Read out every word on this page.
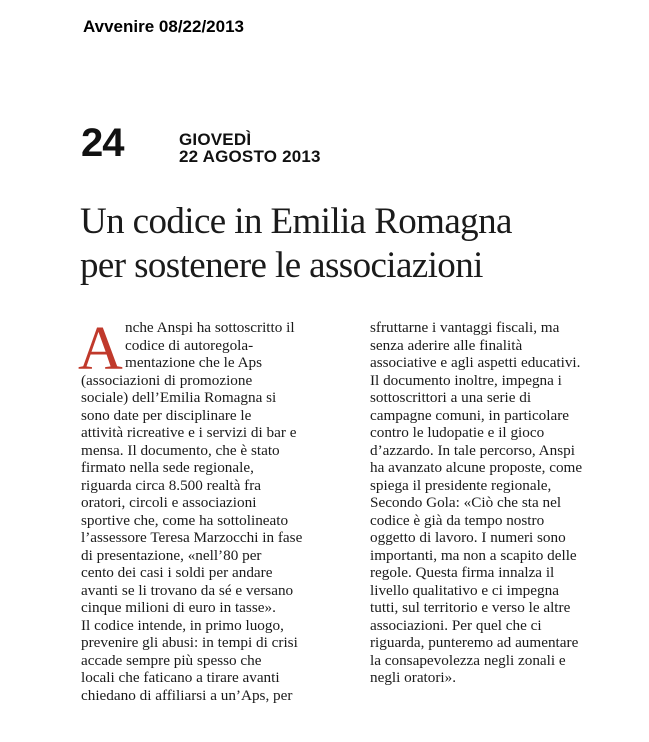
Avvenire 08/22/2013
24	GIOVEDÌ
22 AGOSTO 2013
Un codice in Emilia Romagna
per sostenere le associazioni
A nche Anspi ha sottoscritto il
codice di autoregola-
mentazione che le Aps
(associazioni di promozione
sociale) dell’Emilia Romagna si
sono date per disciplinare le
attività ricreative e i servizi di bar e
mensa. Il documento, che è stato
firmato nella sede regionale,
riguarda circa 8.500 realtà fra
oratori, circoli e associazioni
sportive che, come ha sottolineato
l’assessore Teresa Marzocchi in fase
di presentazione, «nell’80 per
cento dei casi i soldi per andare
avanti se li trovano da sé e versano
cinque milioni di euro in tasse».
Il codice intende, in primo luogo,
prevenire gli abusi: in tempi di crisi
accade sempre più spesso che
locali che faticano a tirare avanti
chiedano di affiliarsi a un’Aps, per
sfruttarne i vantaggi fiscali, ma
senza aderire alle finalità
associative e agli aspetti educativi.
Il documento inoltre, impegna i
sottoscrittori a una serie di
campagne comuni, in particolare
contro le ludopatie e il gioco
d’azzardo. In tale percorso, Anspi
ha avanzato alcune proposte, come
spiega il presidente regionale,
Secondo Gola: «Ciò che sta nel
codice è già da tempo nostro
oggetto di lavoro. I numeri sono
importanti, ma non a scapito delle
regole. Questa firma innalza il
livello qualitativo e ci impegna
tutti, sul territorio e verso le altre
associazioni. Per quel che ci
riguarda, punteremo ad aumentare
la consapevolezza negli zonali e
negli oratori».
